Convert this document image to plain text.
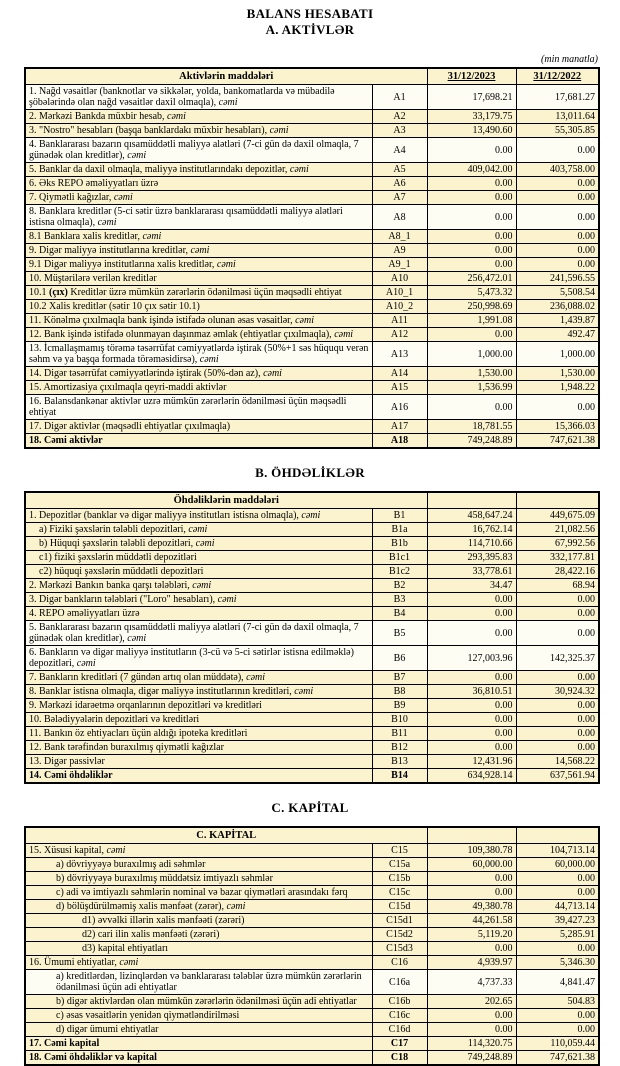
BALANS HESABATI
A. AKTİVLƏR
(min manatla)
Aktivlərin maddələri		31/12/2023	31/12/2022
1. Nağd vəsaitlər (banknotlar və sikkələr, yolda, bankomatlarda və mübadilə şöbələrində olan nağd vəsaitlər daxil olmaqla), cəmi	A1	17,698.21	17,681.27
2. Mərkəzi Bankda müxbir hesab, cəmi	A2	33,179.75	13,011.64
3. "Nostro" hesabları (başqa banklardakı müxbir hesabları), cəmi	A3	13,490.60	55,305.85
4. Banklararası bazarın qısamüddətli maliyyə alətləri (7-ci gün də daxil olmaqla, 7 günədək olan kreditlər), cəmi	A4	0.00	0.00
5. Banklar da daxil olmaqla, maliyyə institutlarındakı depozitlər, cəmi	A5	409,042.00	403,758.00
6. Əks REPO əməliyyatları üzrə	A6	0.00	0.00
7. Qiymətli kağızlar, cəmi	A7	0.00	0.00
8. Banklara kreditlər (5-ci sətir üzrə banklararası qısamüddətli maliyyə alətləri istisna olmaqla), cəmi	A8	0.00	0.00
8.1 Banklara xalis kreditlər, cəmi	A8_1	0.00	0.00
9. Digər maliyyə institutlarına kreditlər, cəmi	A9	0.00	0.00
9.1 Digər maliyyə institutlarına xalis kreditlər, cəmi	A9_1	0.00	0.00
10. Müştərilərə verilən kreditlər	A10	256,472.01	241,596.55
10.1 (çıx) Kreditlər üzrə mümkün zərərlərin ödənilməsi üçün məqsədli ehtiyat	A10_1	5,473.32	5,508.54
10.2 Xalis kreditlər (sətir 10 çıx sətir 10.1)	A10_2	250,998.69	236,088.02
11. Könəlmə çıxılmaqla bank işində istifadə olunan əsas vəsaitlər, cəmi	A11	1,991.08	1,439.87
12. Bank işində istifadə olunmayan daşınmaz əmlak (ehtiyatlar çıxılmaqla), cəmi	A12	0.00	492.47
13. İcmallaşmamış törəmə təsərrüfat cəmiyyətlərdə iştirak (50%+1 səs hüququ verən səhm və ya başqa formada törəməsidirsə), cəmi	A13	1,000.00	1,000.00
14. Digər təsərrüfat cəmiyyətlərində iştirak (50%-dən az), cəmi	A14	1,530.00	1,530.00
15. Amortizasiya çıxılmaqla qeyri-maddi aktivlər	A15	1,536.99	1,948.22
16. Balansdankənar aktivlər uzrə mümkün zərərlərin ödənilməsi üçün məqsədli ehtiyat	A16	0.00	0.00
17. Digər aktivlər (məqsədli ehtiyatlar çıxılmaqla)	A17	18,781.55	15,366.03
18. Cəmi aktivlər	A18	749,248.89	747,621.38
B. ÖHDƏLİKLƏR
Öhdəliklərin maddələri			
1. Depozitlər (banklar və digər maliyyə institutları istisna olmaqla), cəmi	B1	458,647.24	449,675.09
a) Fiziki şəxslərin tələbli depozitləri, cəmi	B1a	16,762.14	21,082.56
b) Hüquqi şəxslərin tələbli depozitləri, cəmi	B1b	114,710.66	67,992.56
c1) fiziki şəxslərin müddətli depozitləri	B1c1	293,395.83	332,177.81
c2) hüquqi şəxslərin müddətli depozitləri	B1c2	33,778.61	28,422.16
2. Mərkəzi Bankın banka qarşı tələbləri, cəmi	B2	34.47	68.94
3. Digər bankların tələbləri ("Loro" hesabları), cəmi	B3	0.00	0.00
4. REPO əməliyyatları üzrə	B4	0.00	0.00
5. Banklararası bazarın qısamüddətli maliyyə alətləri (7-ci gün də daxil olmaqla, 7 günədək olan kreditlər), cəmi	B5	0.00	0.00
6. Bankların və digər maliyyə institutların (3-cü və 5-ci sətirlər istisna edilməklə) depozitləri, cəmi	B6	127,003.96	142,325.37
7. Bankların kreditləri (7 gündən artıq olan müddətə), cəmi	B7	0.00	0.00
8. Banklar istisna olmaqla, digər maliyyə institutlarının kreditləri, cəmi	B8	36,810.51	30,924.32
9. Mərkəzi idarəetmə orqanlarının depozitləri və kreditləri	B9	0.00	0.00
10. Bələdiyyələrin depozitləri və kreditləri	B10	0.00	0.00
11. Bankın öz ehtiyacları üçün aldığı ipoteka kreditləri	B11	0.00	0.00
12. Bank tərəfindən buraxılmış qiymətli kağızlar	B12	0.00	0.00
13. Digər passivlər	B13	12,431.96	14,568.22
14. Cəmi öhdəliklər	B14	634,928.14	637,561.94
C. KAPİTAL
C. KAPİTAL			
15. Xüsusi kapital, cəmi	C15	109,380.78	104,713.14
a) dövriyyəyə buraxılmış adi səhmlər	C15a	60,000.00	60,000.00
b) dövriyyəyə buraxılmış müddətsiz imtiyazlı səhmlər	C15b	0.00	0.00
c) adi və imtiyazlı səhmlərin nominal və bazar qiymətləri arasındakı fərq	C15c	0.00	0.00
d) bölüşdürülməmiş xalis mənfəət (zərər), cəmi	C15d	49,380.78	44,713.14
d1) əvvəlki illərin xalis mənfəəti (zərəri)	C15d1	44,261.58	39,427.23
d2) cari ilin xalis mənfəəti (zərəri)	C15d2	5,119.20	5,285.91
d3) kapital ehtiyatları	C15d3	0.00	0.00
16. Ümumi ehtiyatlar, cəmi	C16	4,939.97	5,346.30
a) kreditlərdən, lizinqlərdən və banklararası tələblər üzrə mümkün zərərlərin ödənilməsi üçün adi ehtiyatlar	C16a	4,737.33	4,841.47
b) digər aktivlərdən olan mümkün zərərlərin ödənilməsi üçün adi ehtiyatlar	C16b	202.65	504.83
c) əsas vəsaitlərin yenidən qiymətləndirilməsi	C16c	0.00	0.00
d) digər ümumi ehtiyatlar	C16d	0.00	0.00
17. Cəmi kapital	C17	114,320.75	110,059.44
18. Cəmi öhdəliklər və kapital	C18	749,248.89	747,621.38
